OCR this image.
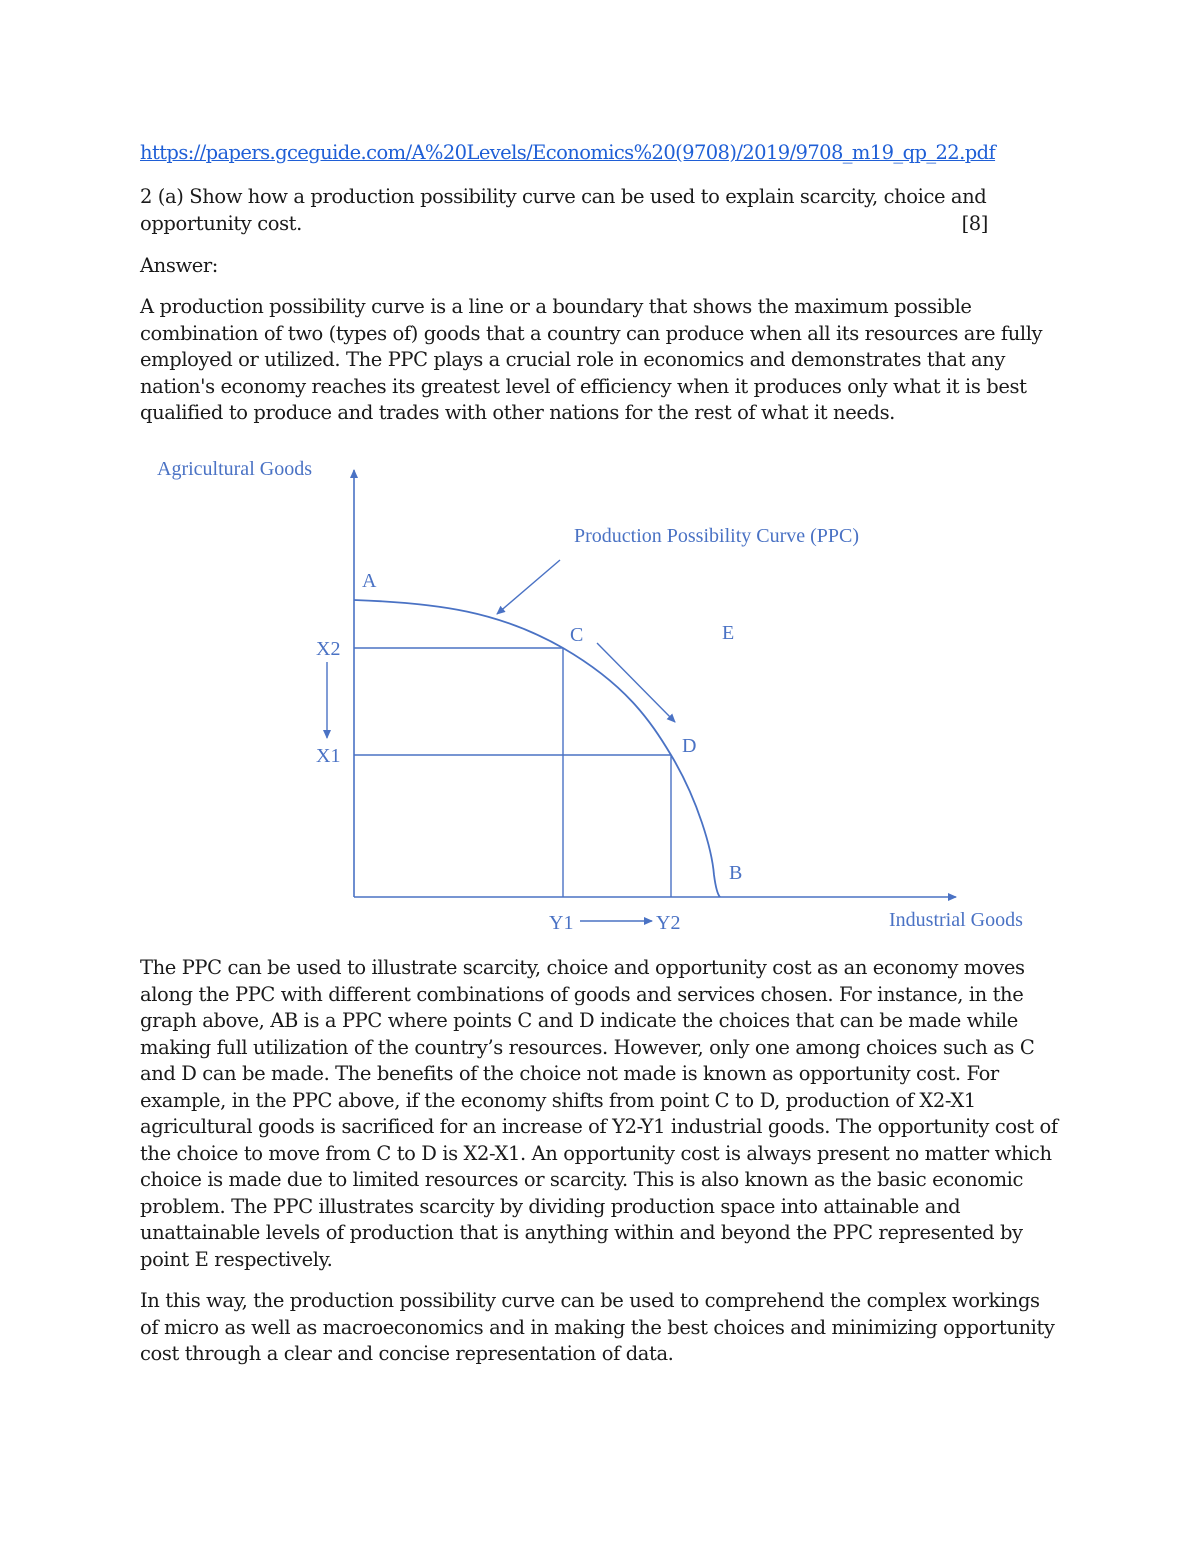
https://papers.gceguide.com/A%20Levels/Economics%20(9708)/2019/9708_m19_qp_22.pdf
2 (a) Show how a production possibility curve can be used to explain scarcity, choice and opportunity cost.	[8]
Answer:
A production possibility curve is a line or a boundary that shows the maximum possible combination of two (types of) goods that a country can produce when all its resources are fully employed or utilized. The PPC plays a crucial role in economics and demonstrates that any nation's economy reaches its greatest level of efficiency when it produces only what it is best qualified to produce and trades with other nations for the rest of what it needs.
Agricultural Goods
Industrial Goods
Production Possibility Curve (PPC)
A
C
D
B
E
X2
X1
Y1	Y2
The PPC can be used to illustrate scarcity, choice and opportunity cost as an economy moves along the PPC with different combinations of goods and services chosen. For instance, in the graph above, AB is a PPC where points C and D indicate the choices that can be made while making full utilization of the country’s resources. However, only one among choices such as C and D can be made. The benefits of the choice not made is known as opportunity cost. For example, in the PPC above, if the economy shifts from point C to D, production of X2-X1 agricultural goods is sacrificed for an increase of Y2-Y1 industrial goods. The opportunity cost of the choice to move from C to D is X2-X1. An opportunity cost is always present no matter which choice is made due to limited resources or scarcity. This is also known as the basic economic problem. The PPC illustrates scarcity by dividing production space into attainable and unattainable levels of production that is anything within and beyond the PPC represented by point E respectively.
In this way, the production possibility curve can be used to comprehend the complex workings of micro as well as macroeconomics and in making the best choices and minimizing opportunity cost through a clear and concise representation of data.
